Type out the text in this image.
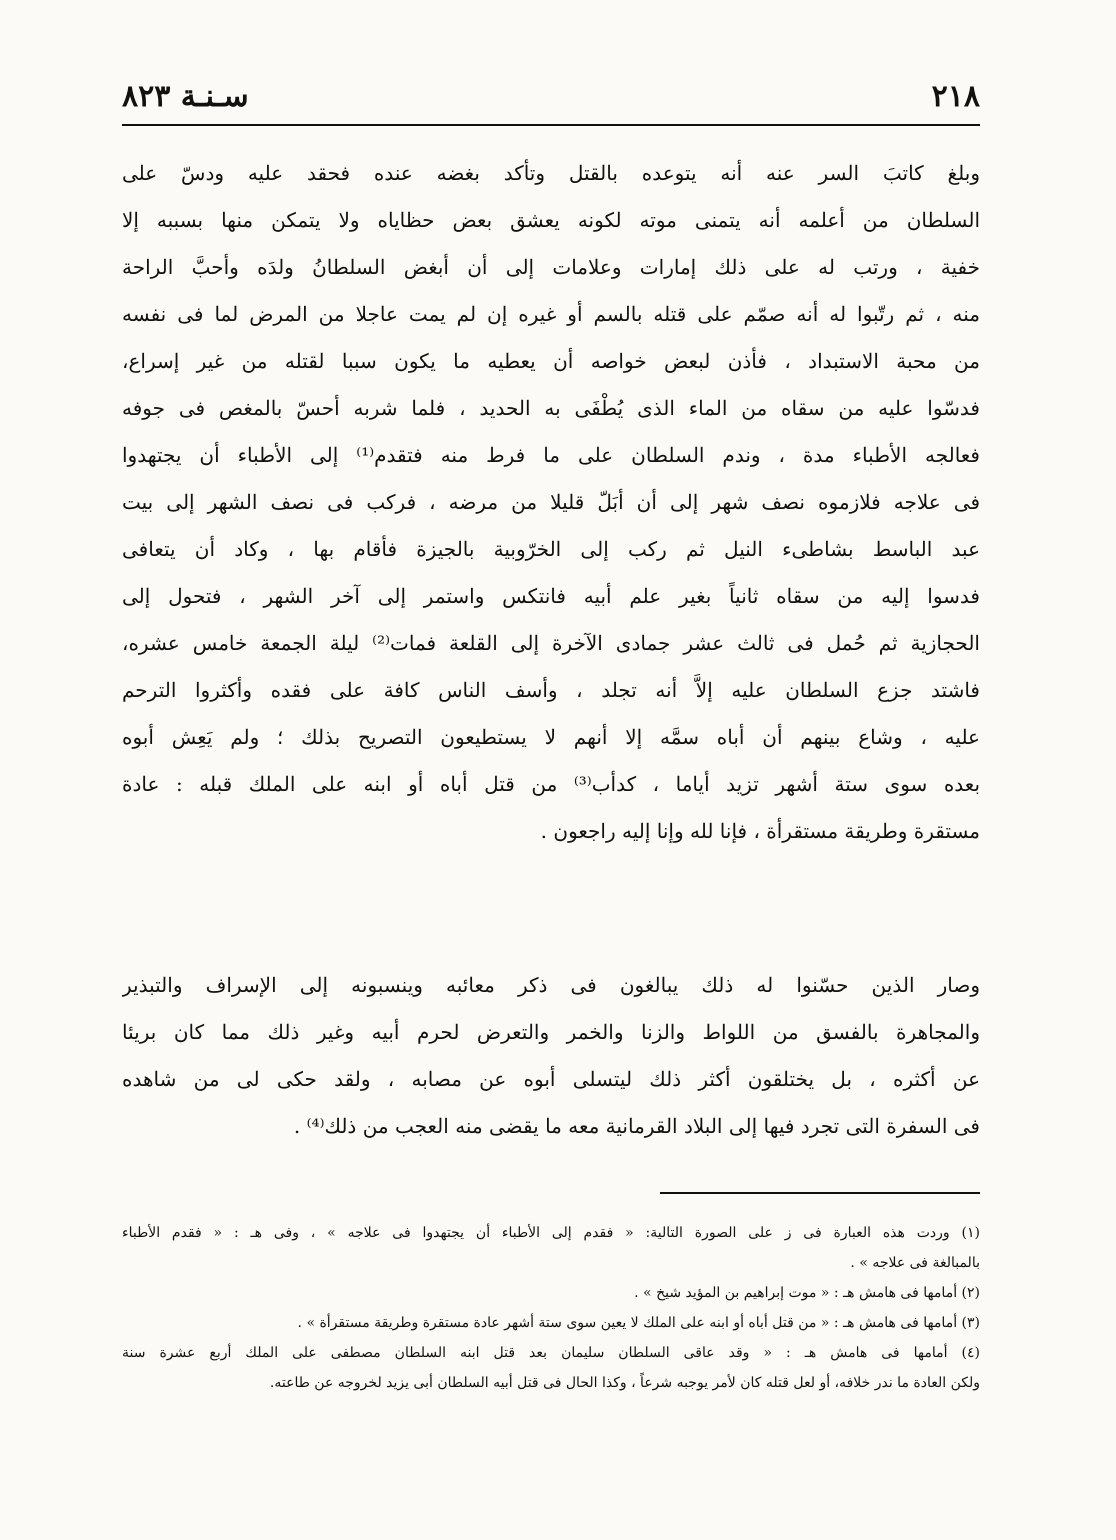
٢١٨
سـنـة ٨٢٣
وبلغ كاتبَ السر عنه أنه يتوعده بالقتل وتأكد بغضه عنده فحقد عليه ودسّ على
السلطان من أعلمه أنه يتمنى موته لكونه يعشق بعض حظاياه ولا يتمكن منها بسببه إلا
خفية ، ورتب له على ذلك إمارات وعلامات إلى أن أبغض السلطانُ ولدَه وأحبَّ الراحة
منه ، ثم رتّبوا له أنه صمّم على قتله بالسم أو غيره إن لم يمت عاجلا من المرض لما فى نفسه
من محبة الاستبداد ، فأذن لبعض خواصه أن يعطيه ما يكون سببا لقتله من غير إسراع،
فدسّوا عليه من سقاه من الماء الذى يُطْفَى به الحديد ، فلما شربه أحسّ بالمغص فى جوفه
فعالجه الأطباء مدة ، وندم السلطان على ما فرط منه فتقدم⁽¹⁾ إلى الأطباء أن يجتهدوا
فى علاجه فلازموه نصف شهر إلى أن أبَلّ قليلا من مرضه ، فركب فى نصف الشهر إلى بيت
عبد الباسط بشاطىء النيل ثم ركب إلى الخرّوبية بالجيزة فأقام بها ، وكاد أن يتعافى
فدسوا إليه من سقاه ثانياً بغير علم أبيه فانتكس واستمر إلى آخر الشهر ، فتحول إلى
الحجازية ثم حُمل فى ثالث عشر جمادى الآخرة إلى القلعة فمات⁽²⁾ ليلة الجمعة خامس عشره،
فاشتد جزع السلطان عليه إلاَّ أنه تجلد ، وأسف الناس كافة على فقده وأكثروا الترحم
عليه ، وشاع بينهم أن أباه سمَّه إلا أنهم لا يستطيعون التصريح بذلك ؛ ولم يَعِش أبوه
بعده سوى ستة أشهر تزيد أياما ، كدأب⁽³⁾ من قتل أباه أو ابنه على الملك قبله : عادة
مستقرة وطريقة مستقرأة ، فإنا لله وإنا إليه راجعون .
وصار الذين حسّنوا له ذلك يبالغون فى ذكر معائبه وينسبونه إلى الإسراف والتبذير
والمجاهرة بالفسق من اللواط والزنا والخمر والتعرض لحرم أبيه وغير ذلك مما كان بريئا
عن أكثره ، بل يختلقون أكثر ذلك ليتسلى أبوه عن مصابه ، ولقد حكى لى من شاهده
فى السفرة التى تجرد فيها إلى البلاد القرمانية معه ما يقضى منه العجب من ذلك⁽⁴⁾ .
(١) وردت هذه العبارة فى ز على الصورة التالية: « فقدم إلى الأطباء أن يجتهدوا فى علاجه » ، وفى هـ : « فقدم الأطباء
بالمبالغة فى علاجه » .
(٢) أمامها فى هامش هـ : « موت إبراهيم بن المؤيد شيخ » .
(٣) أمامها فى هامش هـ : « من قتل أباه أو ابنه على الملك لا يعين سوى ستة أشهر عادة مستقرة وطريقة مستقرأة » .
(٤) أمامها فى هامش هـ : « وقد عاقى السلطان سليمان بعد قتل ابنه السلطان مصطفى على الملك أربع عشرة سنة
ولكن العادة ما ندر خلافه، أو لعل قتله كان لأمر يوجبه شرعاً ، وكذا الحال فى قتل أبيه السلطان أبى يزيد لخروجه عن طاعته.
